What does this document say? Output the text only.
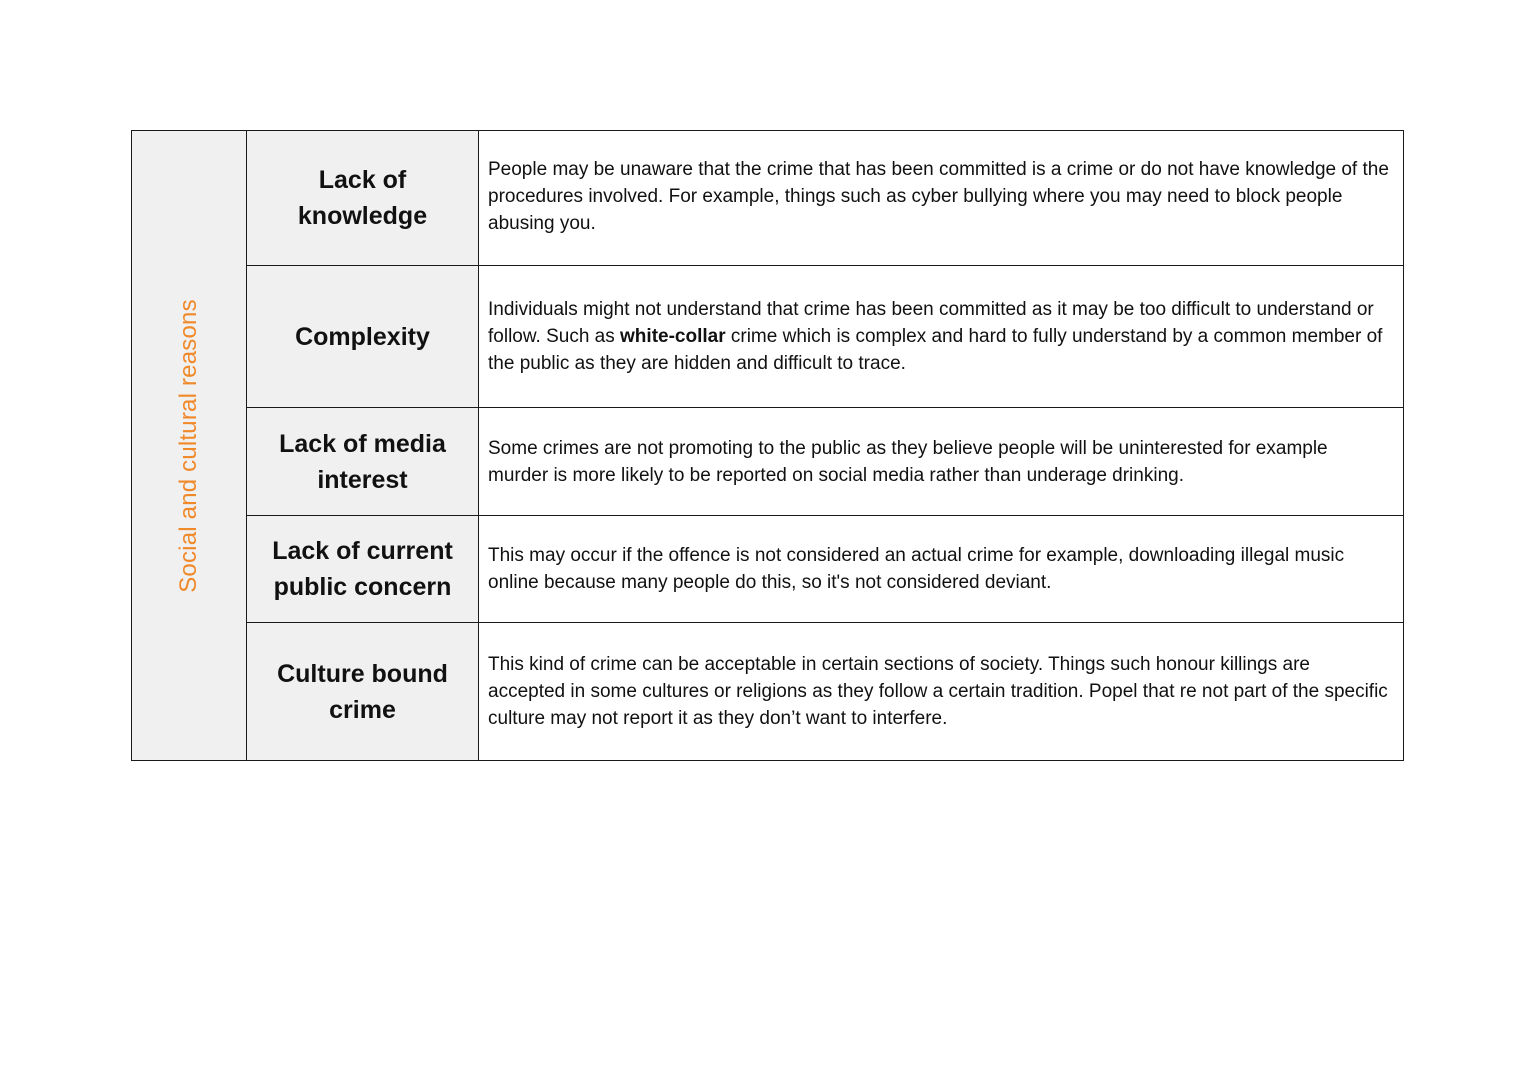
Social and cultural reasons
Lack of
knowledge
People may be unaware that the crime that has been committed is a crime or do not have knowledge of the procedures involved. For example, things such as cyber bullying where you may need to block people abusing you.
Complexity
Individuals might not understand that crime has been committed as it may be too difficult to understand or follow. Such as white-collar crime which is complex and hard to fully understand by a common member of the public as they are hidden and difficult to trace.
Lack of media
interest
Some crimes are not promoting to the public as they believe people will be uninterested for example murder is more likely to be reported on social media rather than underage drinking.
Lack of current
public concern
This may occur if the offence is not considered an actual crime for example, downloading illegal music online because many people do this, so it's not considered deviant.
Culture bound
crime
This kind of crime can be acceptable in certain sections of society. Things such honour killings are accepted in some cultures or religions as they follow a certain tradition. Popel that re not part of the specific culture may not report it as they don’t want to interfere.
